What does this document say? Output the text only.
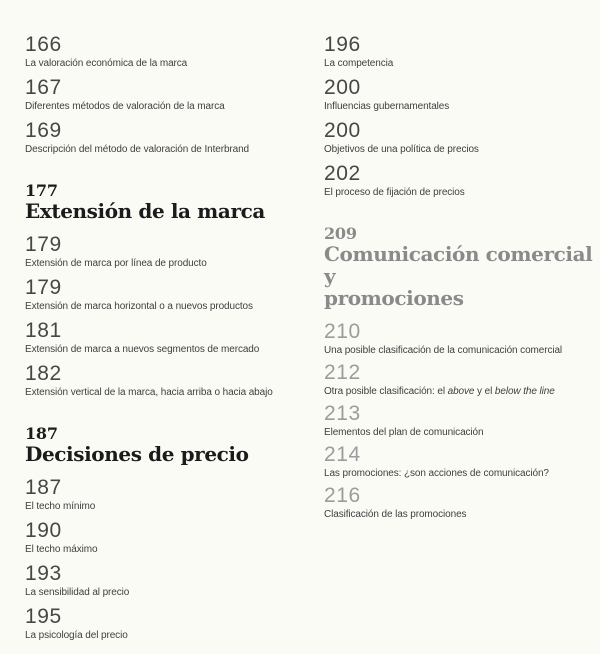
166
La valoración económica de la marca
167
Diferentes métodos de valoración de la marca
169
Descripción del método de valoración de Interbrand
177
Extensión de la marca
179
Extensión de marca por línea de producto
179
Extensión de marca horizontal o a nuevos productos
181
Extensión de marca a nuevos segmentos de mercado
182
Extensión vertical de la marca, hacia arriba o hacia abajo
187
Decisiones de precio
187
El techo mínimo
190
El techo máximo
193
La sensibilidad al precio
195
La psicología del precio
196
La competencia
200
Influencias gubernamentales
200
Objetivos de una política de precios
202
El proceso de fijación de precios
209
Comunicación comercial y
promociones
210
Una posible clasificación de la comunicación comercial
212
Otra posible clasificación: el above y el below the line
213
Elementos del plan de comunicación
214
Las promociones: ¿son acciones de comunicación?
216
Clasificación de las promociones
